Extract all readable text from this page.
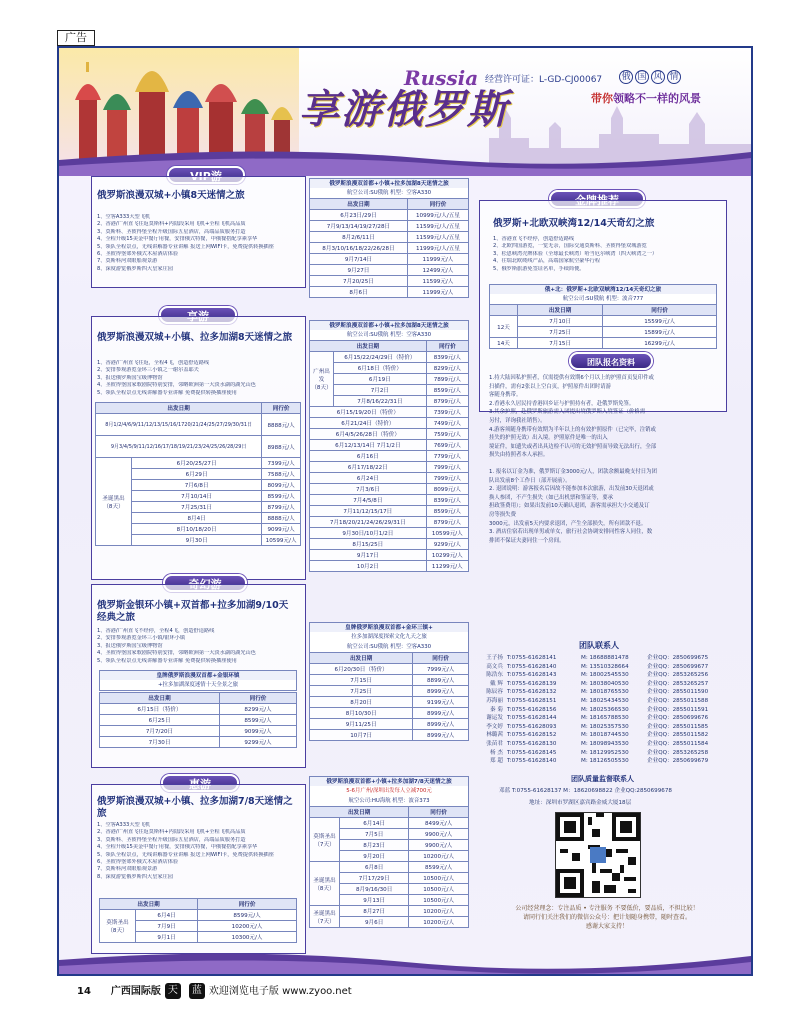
广告
Russia
享游俄罗斯
经营许可证：L-GD-CJ00067 俄 国 风 情
带你领略不一样的风景
俄罗斯浪漫双城+小镇8天迷情之旅
1、空客A333大型飞机
2、香港/广州直飞往返莫斯科+内陆段采用飞机+全程飞机高品质
3、莫斯科、圣彼得堡全程升级国际五星酒店，高端品质服务打造
4、全程升级15美金中餐厅用餐，安排俄式特餐，中俄餐搭配享素享华
5、领队全程景点，无线讲解器专业讲解 报送上网WIFI卡，免费提供转换插座
6、圣彼得堡郊外俄式木屋酒店体验
7、莫斯科河双眼船观景游
8、深度游览俄罗斯四大皇家庄园
俄罗斯浪漫双首都+小镇+拉多加湖8天迷情之旅
航空公司:SU俄航 机型：空客A330
出发日期	同行价
6月23日/29日	10999元/人/五星
7月9/13/14/19/27/28日	11599元/人/五星
8月2/6/11日	11599元/人/五星
8月3/10/16/18/22/26/28日	11999元/人/五星
9月7/14日	11999元/人
9月27日	12499元/人
7月20/25日	11599元/人
8月6日	11999元/人
俄罗斯浪漫双城+小镇、拉多加湖8天迷情之旅
1、香港/广州直飞往返，全程4飞，创造舒适路线
2、安排参观游览金环三小镇之一谢尔盖耶夫
3、报送俄罗斯国宝级博物馆
4、圣彼得堡国家歌剧院特别安排，邻略欧洲第一大淡水湖的湖光山色
5、领队全程景点无线讲解器专业讲解 免费提供转换插座使用
出发日期		同行价
8月1/2/4/6/9/11/12/13/15/16/1720/21/24/25/27/29/30/31日		8888元/人
9月3/4/5/9/11/12/16/17/18/19/21/23/24/25/26/28/29日		8988元/人
圣诞黑出
（8天）	6月20/25/27日	7399元/人
	6月29日	7588元/人
	7月6/8日	8099元/人
	7月10/14日	8599元/人
	7月25/31日	8799元/人
	8月4日	8888元/人
	8月10/18/20日	9099元/人
	9月30日	10599元/人
俄罗斯浪漫双首都+小镇+拉多加湖8天迷情之旅
航空公司:SU俄航 机型：空客A330
出发日期		同行价
广州出发
（8天）	6月15/22/24/29日（特价）	8399元/人
	6月18日（特价）	8299元/人
	6月19日	7899元/人
	7月2日	8599元/人
	7月8/16/22/31日	8799元/人
6月15/19/20日（特价）		7399元/人
6月21/24日（特价）		7499元/人
6月4/5/26/28日（特价）		7599元/人
6月12/13/14日 7月1/2日		7699元/人
6月16日		7799元/人
6月17/18/22日		7999元/人
6月24日		7999元/人
7月3/6日		8099元/人
7月4/5/8日		8399元/人
7月11/12/15/17日		8599元/人
7月18/20/21/24/26/29/31日		8799元/人
9月30日/10月1/2日		10599元/人
8月15/25日		9299元/人
9月17日		10299元/人
10月2日		11299元/人
俄罗斯金银环小镇+双首都+拉多加湖9/10天经典之旅
1、香港/广州直飞不经停，全程4飞，创造舒适路线
2、安排参观游览金环三小镇/银环小镇
3、报送俄罗斯国宝级博物馆
4、圣彼得堡国家歌剧院特别安排，邻略欧洲第一大淡水湖的湖光山色
5、领队全程景点无线讲解器专业讲解 免费提供转换插座使用
皇牌俄罗斯浪漫双首都+金银环镇
+拉多加湖深度迷情十天全景之旅
出发日期	同行价
6月15日（特价）	8299元/人
6月25日	8599元/人
7月7/20日	9099元/人
7月30日	9299元/人
皇牌俄罗斯浪漫双首都+金环三镇+
拉多加湖深度探索文化九天之旅
航空公司:SU俄航 机型：空客A330
出发日期	同行价
6月20/30日（特价）	7999元/人
7月15日	8899元/人
7月25日	8999元/人
8月20日	9199元/人
8月10/30日	8999元/人
9月11/25日	8999元/人
10月7日	8999元/人
俄罗斯浪漫双城+小镇、拉多加湖7/8天迷情之旅
1、空客A333大型飞机
2、香港/广州直飞往返莫斯科+内陆段采用飞机+全程飞机高品质
3、莫斯科、圣彼得堡全程升级国际五星酒店，高端品质服务打造
4、全程升级15美金中餐厅用餐，安排俄式特餐，中俄餐搭配享素享华
5、领队全程景点，无线讲解器专业讲解 报送上网WIFI卡，免费提供转换插座
6、圣彼得堡郊外俄式木屋酒店体验
7、莫斯科河双眼船观景游
8、深度游览俄罗斯四大皇家庄园
出发日期		同行价
莫斯圣出
（8天）	6月4日	8599元/人
	7月9日	10200元/人
	9月1日	10300元/人
俄罗斯浪漫双首都+小镇+拉多加湖7/8天迷情之旅
5-6月广州/深圳出发每人立减700元
航空公司:HU海航 机型：波音373
出发日期		同行价
莫斯圣出
（7天）	6月14日	8499元/人
	7月5日	9900元/人
	8月23日	9900元/人
	9月20日	10200元/人
圣诞黑出
（8天）	6月8日	8599元/人
	7月17/29日	10500元/人
	8月9/16/30日	10500元/人
	9月13日	10500元/人
圣诞黑出
（7天）	8月27日	10200元/人
	9月6日	10200元/人
俄罗斯+北欧双峡湾12/14天奇幻之旅
1、香港直飞不经停，创造舒适路线
2、北欧四国游览，一览无余，国际交通莫斯科、圣彼得堡双城游览
3、松恩峡湾壳牌体验（全球最长峡湾）哈当厄尔峡湾（四大峡湾之一）
4、往瑞北欧缆线产品，高端国家航空豪华行程
5、俄罗斯旅游免签证名单，手续简便。
俄+北：俄罗斯+北欧双峡湾12/14天奇幻之旅
航空公司:SU俄航 机型：波音777
	出发日期	同行价
12天	7月10日	15599元/人
	7月25日	15899元/人
14天	7月15日	16299元/人
团队报名资料
1.持大陆因私护照者，仅需提供有效期6个月以上的护照首页复印件或
扫描件，需有2张以上空白页，护照原件出团时请游
客随身携带。
2.香港永久居民持香港回乡证与护照持有者，赴俄罗斯免签。
3.其余护照，赴俄罗斯旅游需入团提出境俄罗斯入境签证（价格需
另付，详询我社销售）。
4.游客须随身携带有效期为半年以上的有效护照原件（已完毕，注销或
挂失的护照无效）出入境。护照原件是唯一的出入
境证件，如遗失或者出具边检不认可的无效护照而导致无法出行，全部
损失由持照者本人承担。
1. 报名以订金为准，俄罗斯订金3000元/人，团款余额最晚支付日为团
队出发前8个工作日（部开展前）。
2. 退团说明：游客报名后因故不能参加本次旅游，出发前30天退团或
换人参团，不产生损失（如已出机票和签证等，要承
担政签费用）；如果出发前10天确认退团，游客需承担大小交通及订
房等损失费
3000元，出发前5天内要求退团，产生全部损失，所有团款不退。
3. 酒店住宿若出现单男或单女，旅行社会协调安排同性客人同住，数
排团不保证夫妻同住一个房间。
团队联系人
王子扬 T:0755-61628141	M: 18688881478	企业QQ：2850699675
高文兵 T:0755-61628140	M: 13510328664	企业QQ：2850699677
陈浩东 T:0755-61628143	M: 18002545530	企业QQ：2853265256
戴 辉 T:0755-61628139	M: 18038040530	企业QQ：2853265257
陈辰容 T:0755-61628132	M: 18018765530	企业QQ：2855011590
苏海丽 T:0755-61628151	M: 18025434530	企业QQ：2855011588
秦 菊 T:0755-61628156	M: 18025366530	企业QQ：2855011591
谢运发 T:0755-61628144	M: 18165788530	企业QQ：2850699676
李文婷 T:0755-61628093	M: 18025357530	企业QQ：2855011585
林璐茜 T:0755-61628152	M: 18018744530	企业QQ：2855011582
张苗君 T:0755-61628130	M: 18098943530	企业QQ：2855011584
杨 杰 T:0755-61628145	M: 18129952530	企业QQ：2853265258
郑 超 T:0755-61628140	M: 18126505530	企业QQ：2850699679
团队质量监督联系人
邓蓝 T:0755-61628137 M：18620698822 企业QQ:2850699678
地址：深圳市罗湖区嘉宾路金威大厦18层
公司经营理念：专注品质 • 专注服务 不要低价，要品质，不担比较！
请同行们关注我们的微信公众号：把计划随身携带，随时查看。
感谢大家支持！
14 广西国际版 天 蓝 欢迎浏览电子版 www.zyoo.net
